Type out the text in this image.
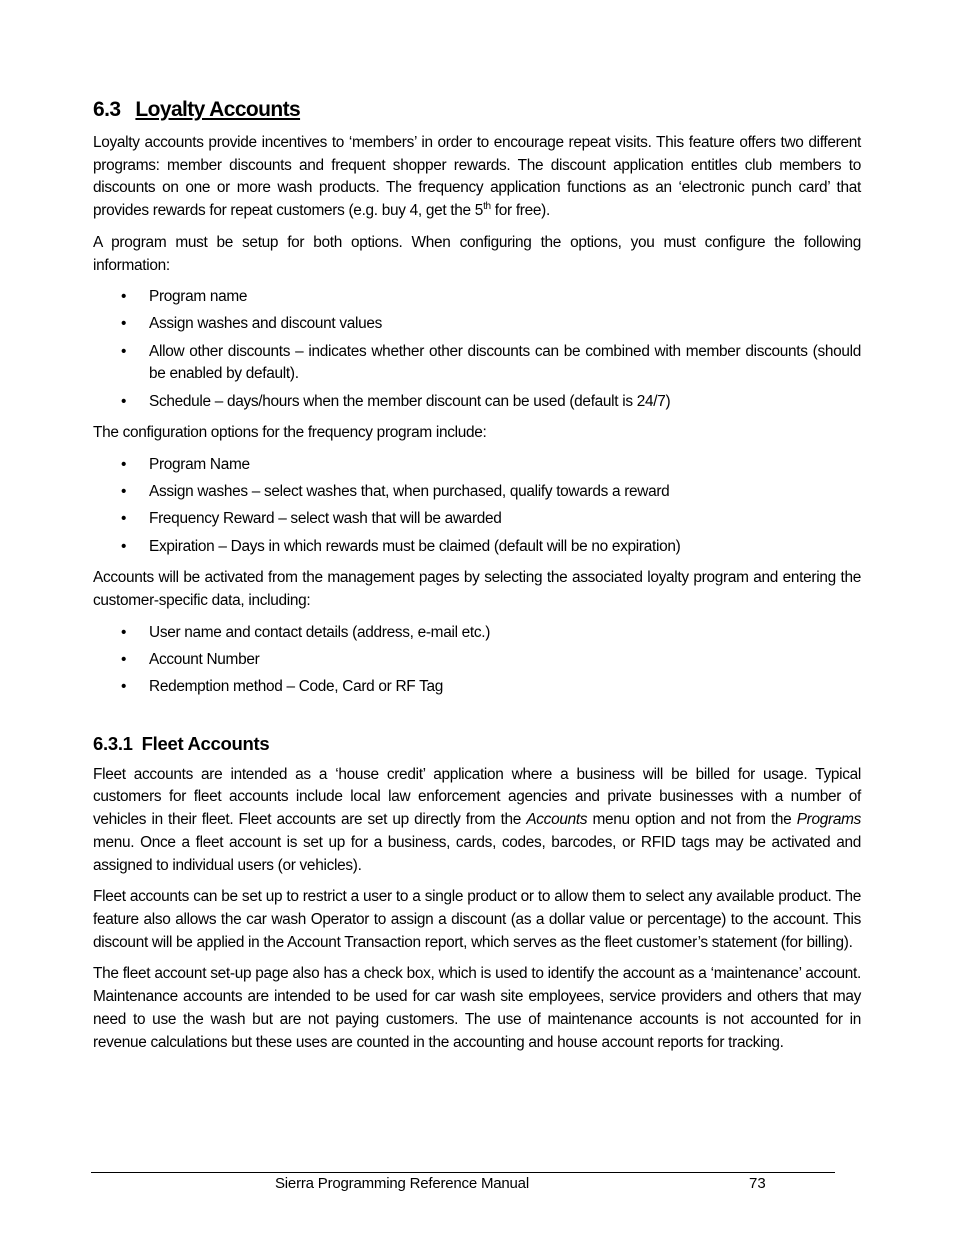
6.3 Loyalty Accounts

Loyalty accounts provide incentives to ‘members’ in order to encourage repeat visits. This feature offers two different programs: member discounts and frequent shopper rewards. The discount application entitles club members to discounts on one or more wash products. The frequency application functions as an ‘electronic punch card’ that provides rewards for repeat customers (e.g. buy 4, get the 5th for free).

A program must be setup for both options. When configuring the options, you must configure the following information:

• Program name
• Assign washes and discount values
• Allow other discounts – indicates whether other discounts can be combined with member discounts (should be enabled by default).
• Schedule – days/hours when the member discount can be used (default is 24/7)

The configuration options for the frequency program include:

• Program Name
• Assign washes – select washes that, when purchased, qualify towards a reward
• Frequency Reward – select wash that will be awarded
• Expiration – Days in which rewards must be claimed (default will be no expiration)

Accounts will be activated from the management pages by selecting the associated loyalty program and entering the customer-specific data, including:

• User name and contact details (address, e-mail etc.)
• Account Number
• Redemption method – Code, Card or RF Tag
6.3.1 Fleet Accounts

Fleet accounts are intended as a ‘house credit’ application where a business will be billed for usage. Typical customers for fleet accounts include local law enforcement agencies and private businesses with a number of vehicles in their fleet. Fleet accounts are set up directly from the Accounts menu option and not from the Programs menu. Once a fleet account is set up for a business, cards, codes, barcodes, or RFID tags may be activated and assigned to individual users (or vehicles).

Fleet accounts can be set up to restrict a user to a single product or to allow them to select any available product. The feature also allows the car wash Operator to assign a discount (as a dollar value or percentage) to the account. This discount will be applied in the Account Transaction report, which serves as the fleet customer’s statement (for billing).

The fleet account set-up page also has a check box, which is used to identify the account as a ‘maintenance’ account. Maintenance accounts are intended to be used for car wash site employees, service providers and others that may need to use the wash but are not paying customers. The use of maintenance accounts is not accounted for in revenue calculations but these uses are counted in the accounting and house account reports for tracking.

Sierra Programming Reference Manual	73
